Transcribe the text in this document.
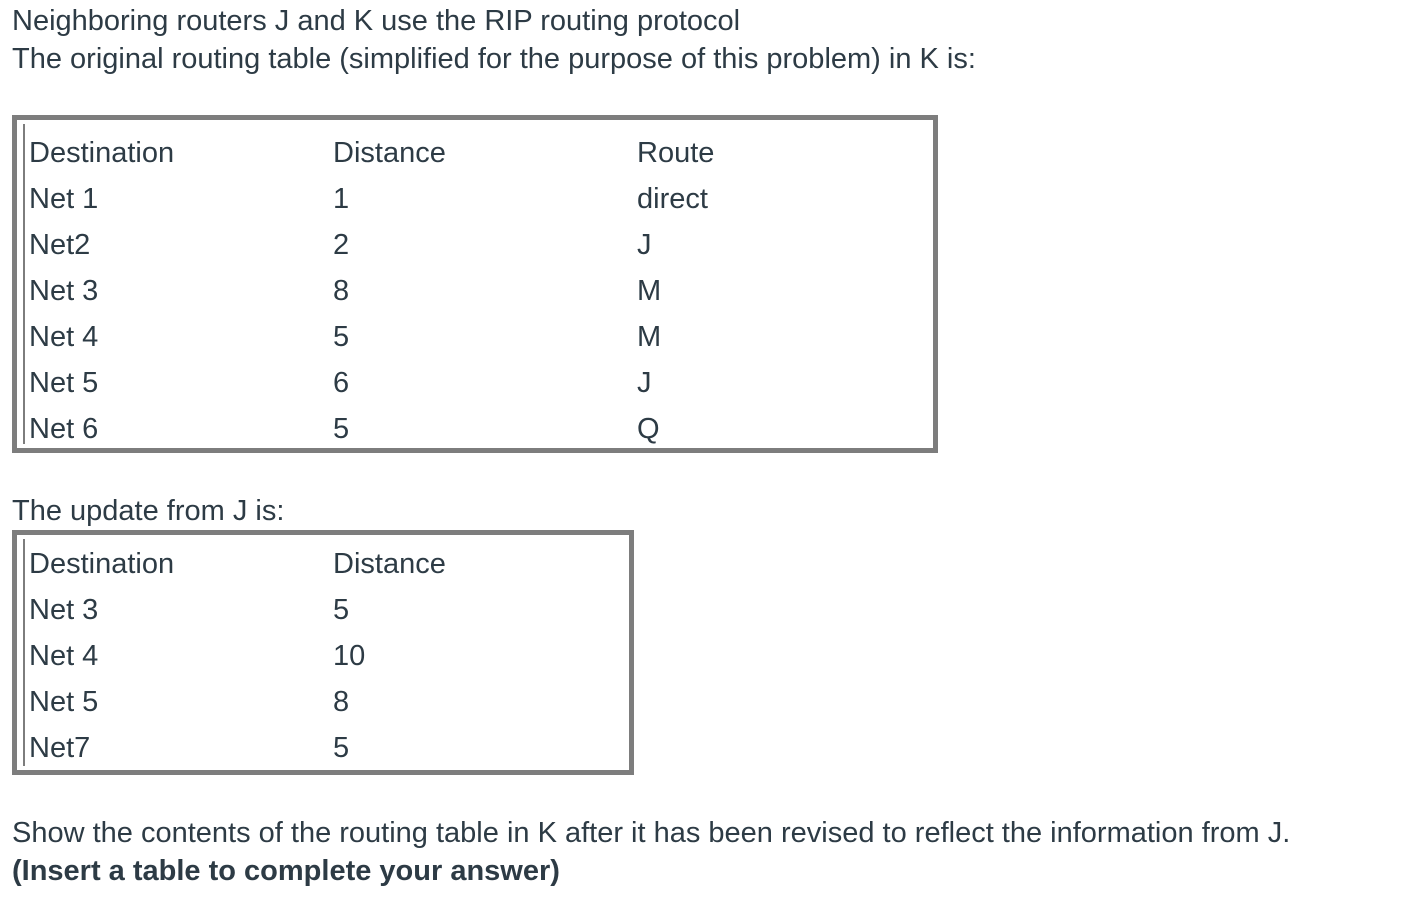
Neighboring routers J and K use the RIP routing protocol
The original routing table (simplified for the purpose of this problem) in K is:
Destination	Distance	Route
Net 1	1	direct
Net2	2	J
Net 3	8	M
Net 4	5	M
Net 5	6	J
Net 6	5	Q
The update from J is:
Destination	Distance
Net 3	5
Net 4	10
Net 5	8
Net7	5
Show the contents of the routing table in K after it has been revised to reflect the information from J.
(Insert a table to complete your answer)
